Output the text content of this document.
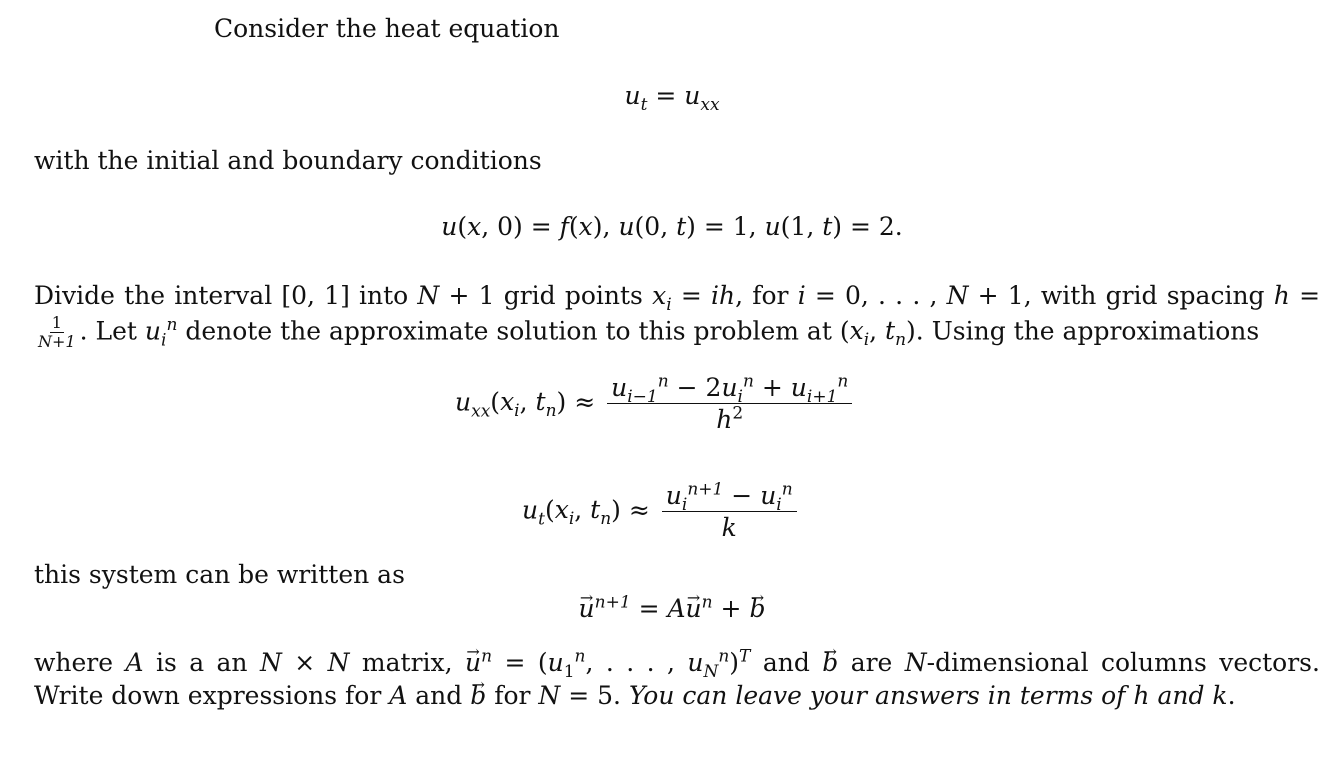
Consider the heat equation
$u_t = u_{xx}$
with the initial and boundary conditions
u(x, 0) = f(x), u(0, t) = 1, u(1, t) = 2.
Divide the interval [0, 1] into N + 1 grid points $x_i$ = ih, for i = 0, . . . , N + 1, with grid spacing h =
$\frac{1}{N+1}$ . Let $u_i^n$ denote the approximate solution to this problem at ($x_i$, $t_n$). Using the approximations
$u_{xx}(x_i$, $t_n) \approx \frac{u_{i-1}^n - 2u_i^n + u_{i+1}^n}{h^2}$
$u_t(x_i$, $t_n) \approx \frac{u_i^{n+1} - u_i^n}{k}$
this system can be written as
→ $u^{n+1} = A\to u^n$ + → b
where A is a an N × N matrix, → $u^n = (u_1^n$, . . . , $u_N^n)^T$ and → b are N-dimensional columns vectors.
Write down expressions for A and → b for N = 5. You can leave your answers in terms of h and k.
